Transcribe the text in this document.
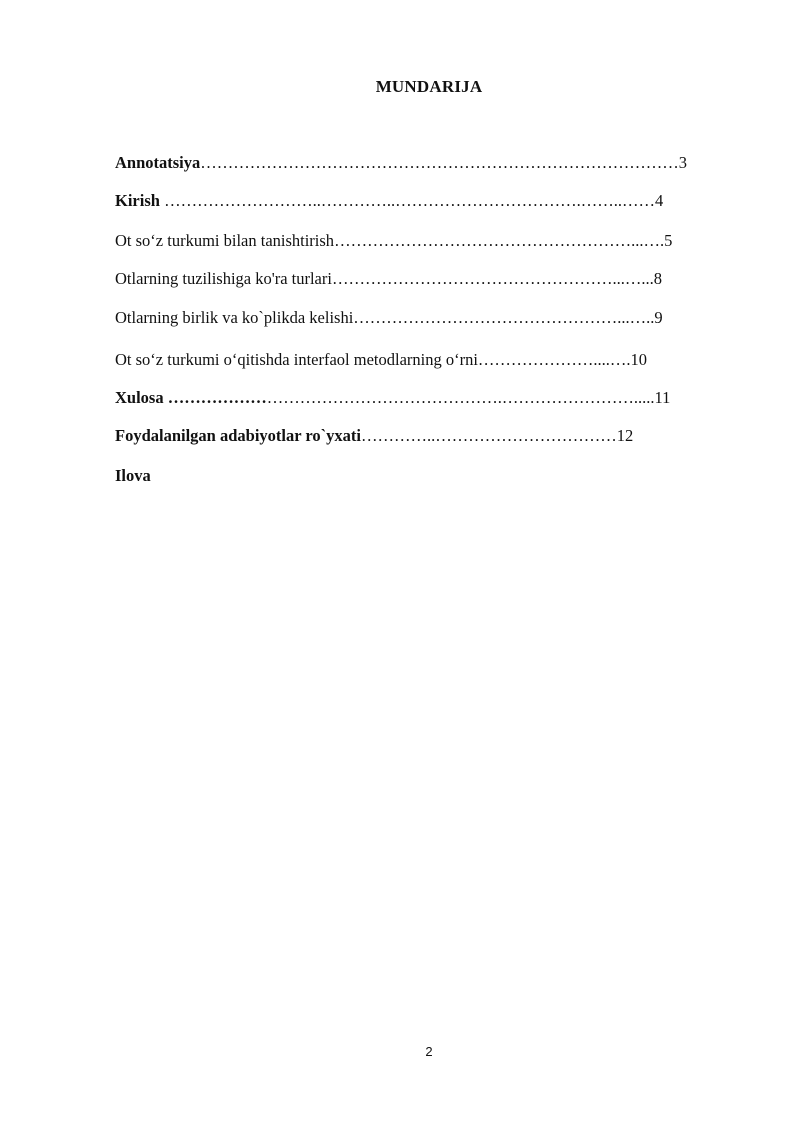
MUNDARIJA
Annotatsiya……………………………………………………………………………3
Kirish ………………………..…………..…………………………….……..……4
Ot so‘z turkumi bilan tanishtirish………………………………………………...….5
Otlarning tuzilishiga ko'ra turlari……………………………………………...…...8
Otlarning birlik va ko`plikda kelishi…………………………………………...…..9
Ot so‘z turkumi o‘qitishda interfaol metodlarning o‘rni…………………....….10
Xulosa …………………………………………………….…………………….....11
Foydalanilgan adabiyotlar ro`yxati…………..……………………………12
Ilova
2
